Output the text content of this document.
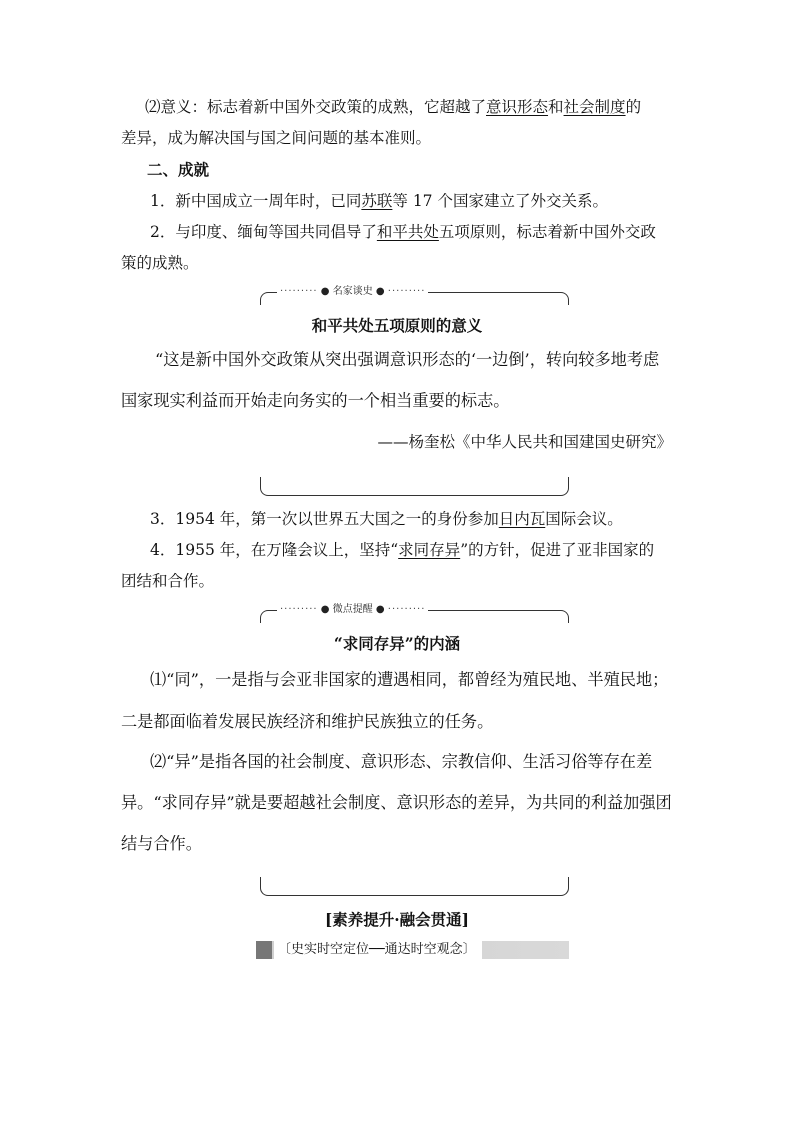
⑵意义：标志着新中国外交政策的成熟，它超越了意识形态和社会制度的
差异，成为解决国与国之间问题的基本准则。
二、成就
1．新中国成立一周年时，已同苏联等 17 个国家建立了外交关系。
2．与印度、缅甸等国共同倡导了和平共处五项原则，标志着新中国外交政
策的成熟。
········· ● 名家谈史 ● ·········
和平共处五项原则的意义
“这是新中国外交政策从突出强调意识形态的‘一边倒’，转向较多地考虑
国家现实利益而开始走向务实的一个相当重要的标志。
——杨奎松《中华人民共和国建国史研究》
3．1954 年，第一次以世界五大国之一的身份参加日内瓦国际会议。
4．1955 年，在万隆会议上，坚持“求同存异”的方针，促进了亚非国家的
团结和合作。
········· ● 微点提醒 ● ·········
“求同存异”的内涵
⑴“同”，一是指与会亚非国家的遭遇相同，都曾经为殖民地、半殖民地；
二是都面临着发展民族经济和维护民族独立的任务。
⑵“异”是指各国的社会制度、意识形态、宗教信仰、生活习俗等存在差
异。“求同存异”就是要超越社会制度、意识形态的差异，为共同的利益加强团
结与合作。
[素养提升·融会贯通]
〔史实时空定位──通达时空观念〕
